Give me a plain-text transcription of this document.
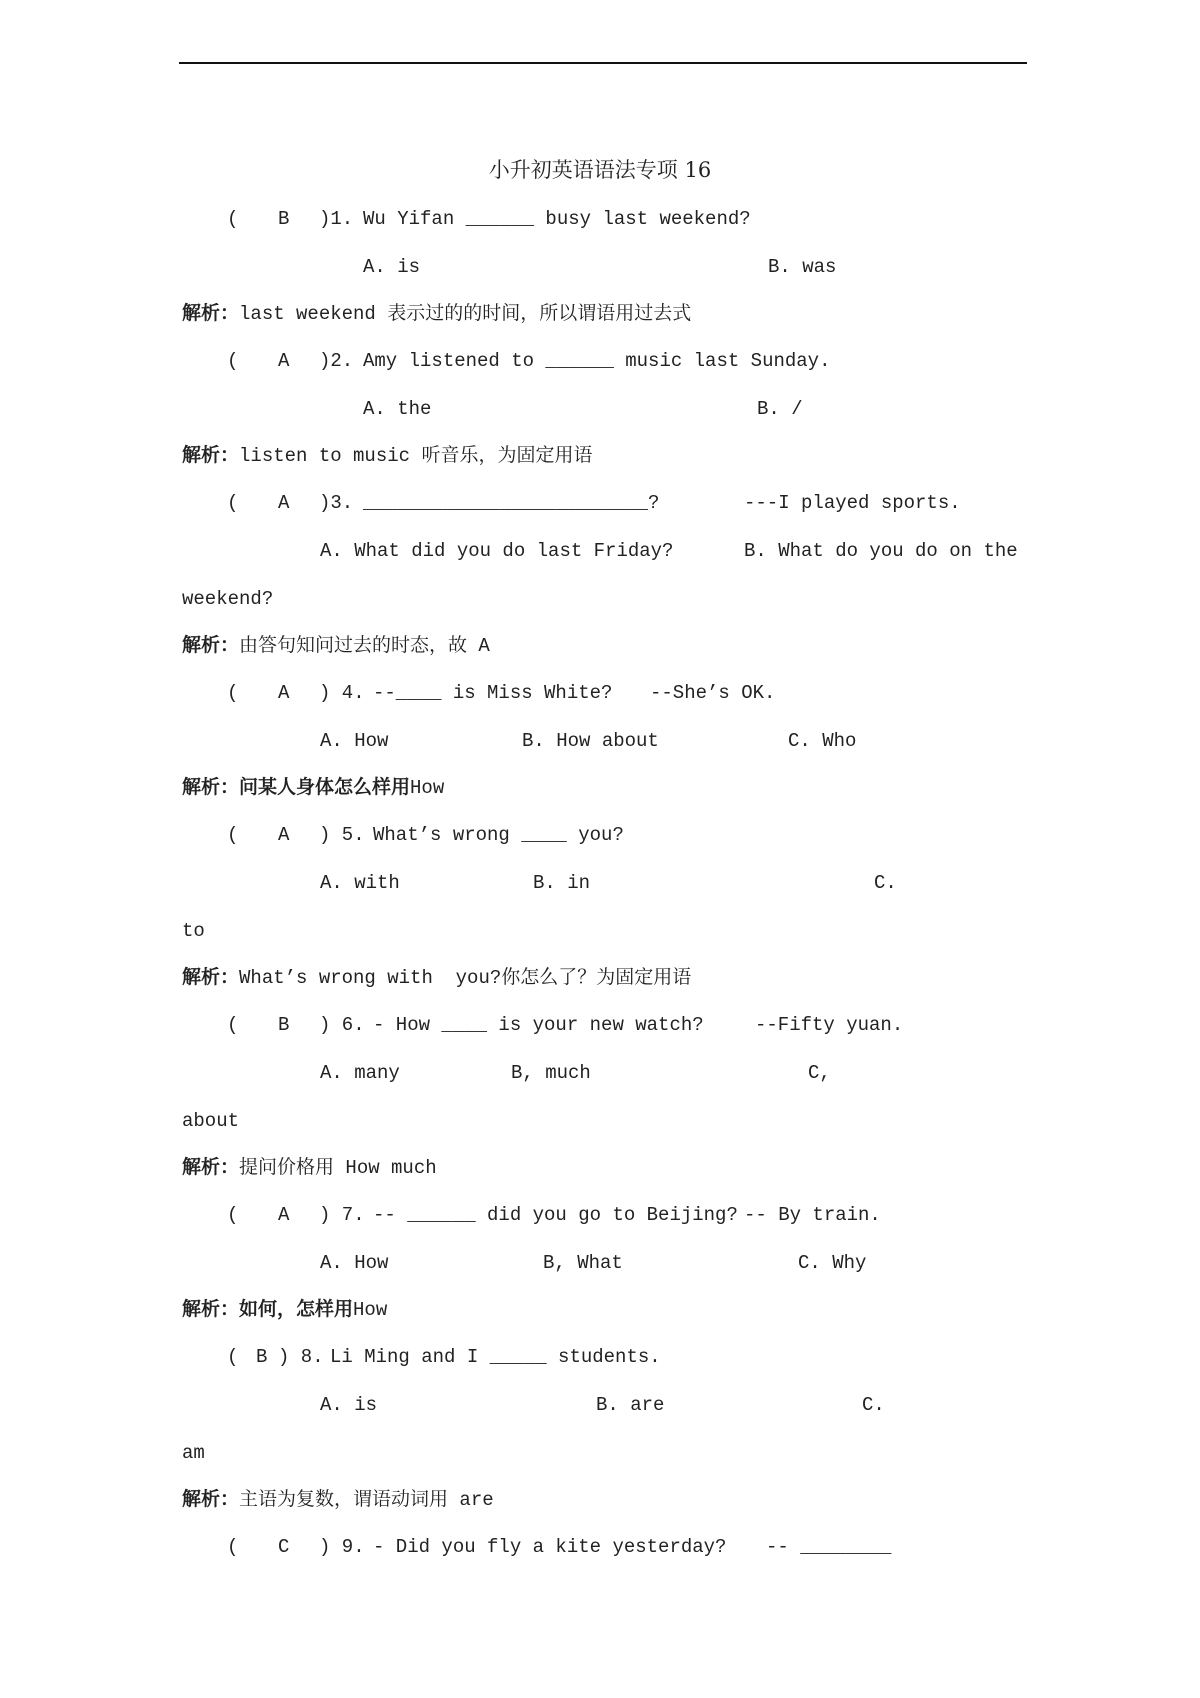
小升初英语语法专项 16
( B )1. Wu Yifan ______ busy last weekend?
A. is	B. was
解析：last weekend 表示过的的时间，所以谓语用过去式
( A )2. Amy listened to ______ music last Sunday.
A. the	B. /
解析：listen to music 听音乐，为固定用语
( A )3. _________________________?	---I played sports.
A. What did you do last Friday?	B. What do you do on the
weekend?
解析：由答句知问过去的时态，故 A
( A ) 4. --____ is Miss White? --She’s OK.
A. How	B. How about	C. Who
解析：问某人身体怎么样用How
( A ) 5. What’s wrong ____ you?
A. with	B. in	C.
to
解析：What’s wrong with  you?你怎么了？为固定用语
( B ) 6. - How ____ is your new watch?	--Fifty yuan.
A. many	B, much	C,
about
解析：提问价格用 How much
( A ) 7. -- ______ did you go to Beijing? -- By train.
A. How	B, What	C. Why
解析：如何，怎样用How
( B ) 8. Li Ming and I _____ students.
A. is	B. are	C.
am
解析：主语为复数，谓语动词用 are
( C ) 9. - Did you fly a kite yesterday? -- ________
